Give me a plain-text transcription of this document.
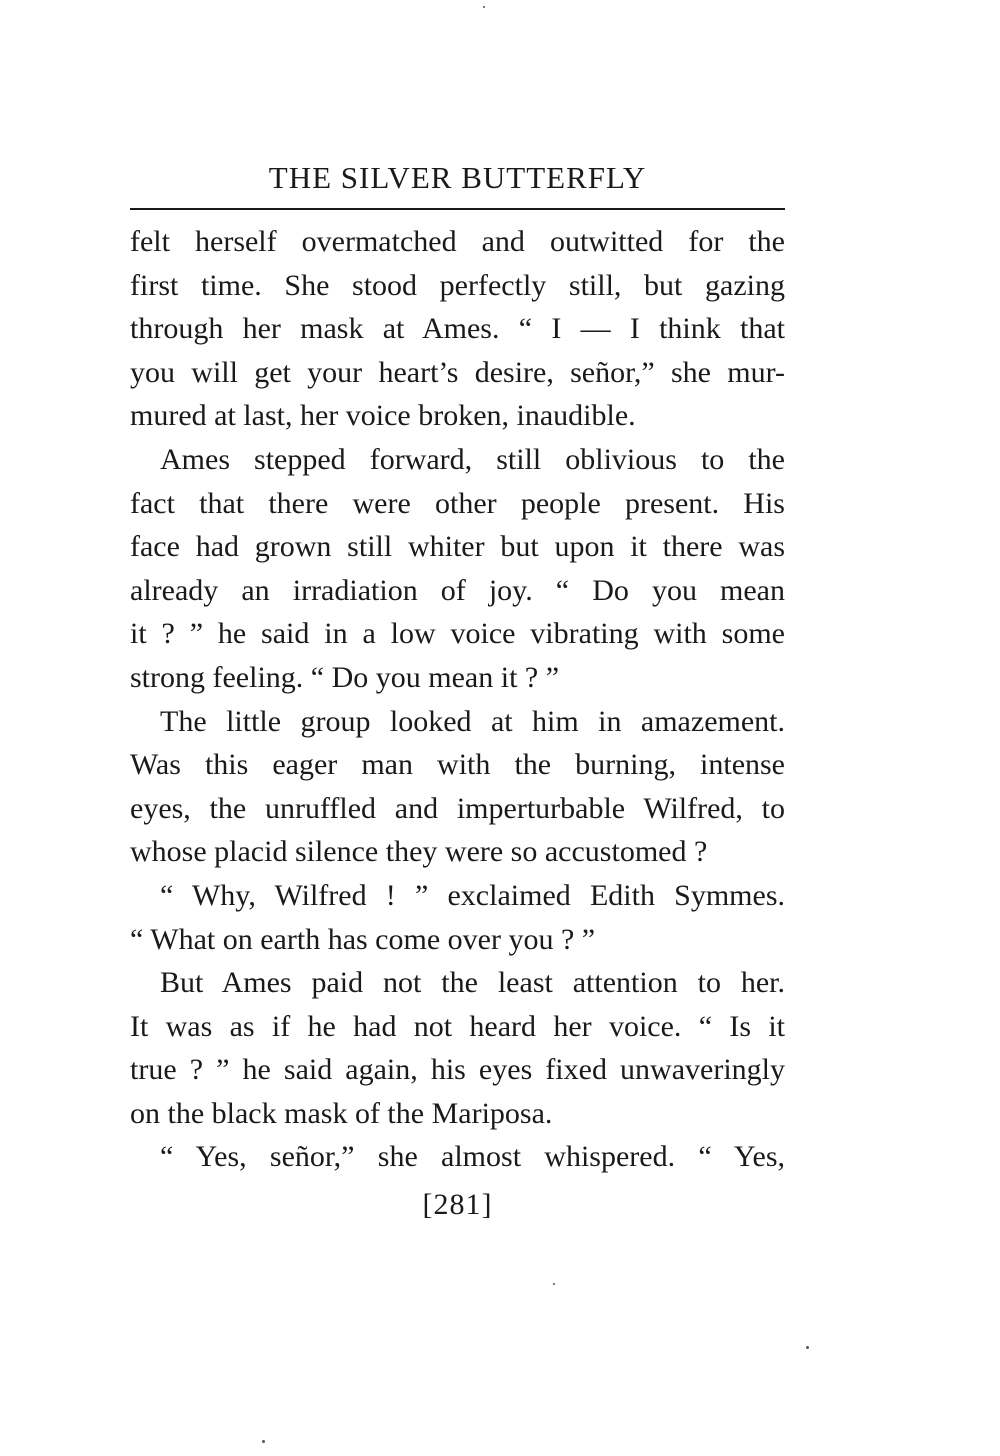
THE SILVER BUTTERFLY
felt herself overmatched and outwitted for the
first time. She stood perfectly still, but gazing
through her mask at Ames. “ I — I think that
you will get your heart’s desire, señor,” she mur-
mured at last, her voice broken, inaudible.
Ames stepped forward, still oblivious to the
fact that there were other people present. His
face had grown still whiter but upon it there was
already an irradiation of joy. “ Do you mean
it ? ” he said in a low voice vibrating with some
strong feeling. “ Do you mean it ? ”
The little group looked at him in amazement.
Was this eager man with the burning, intense
eyes, the unruffled and imperturbable Wilfred, to
whose placid silence they were so accustomed ?
“ Why, Wilfred ! ” exclaimed Edith Symmes.
“ What on earth has come over you ? ”
But Ames paid not the least attention to her.
It was as if he had not heard her voice. “ Is it
true ? ” he said again, his eyes fixed unwaveringly
on the black mask of the Mariposa.
“ Yes, señor,” she almost whispered. “ Yes,
[281]
